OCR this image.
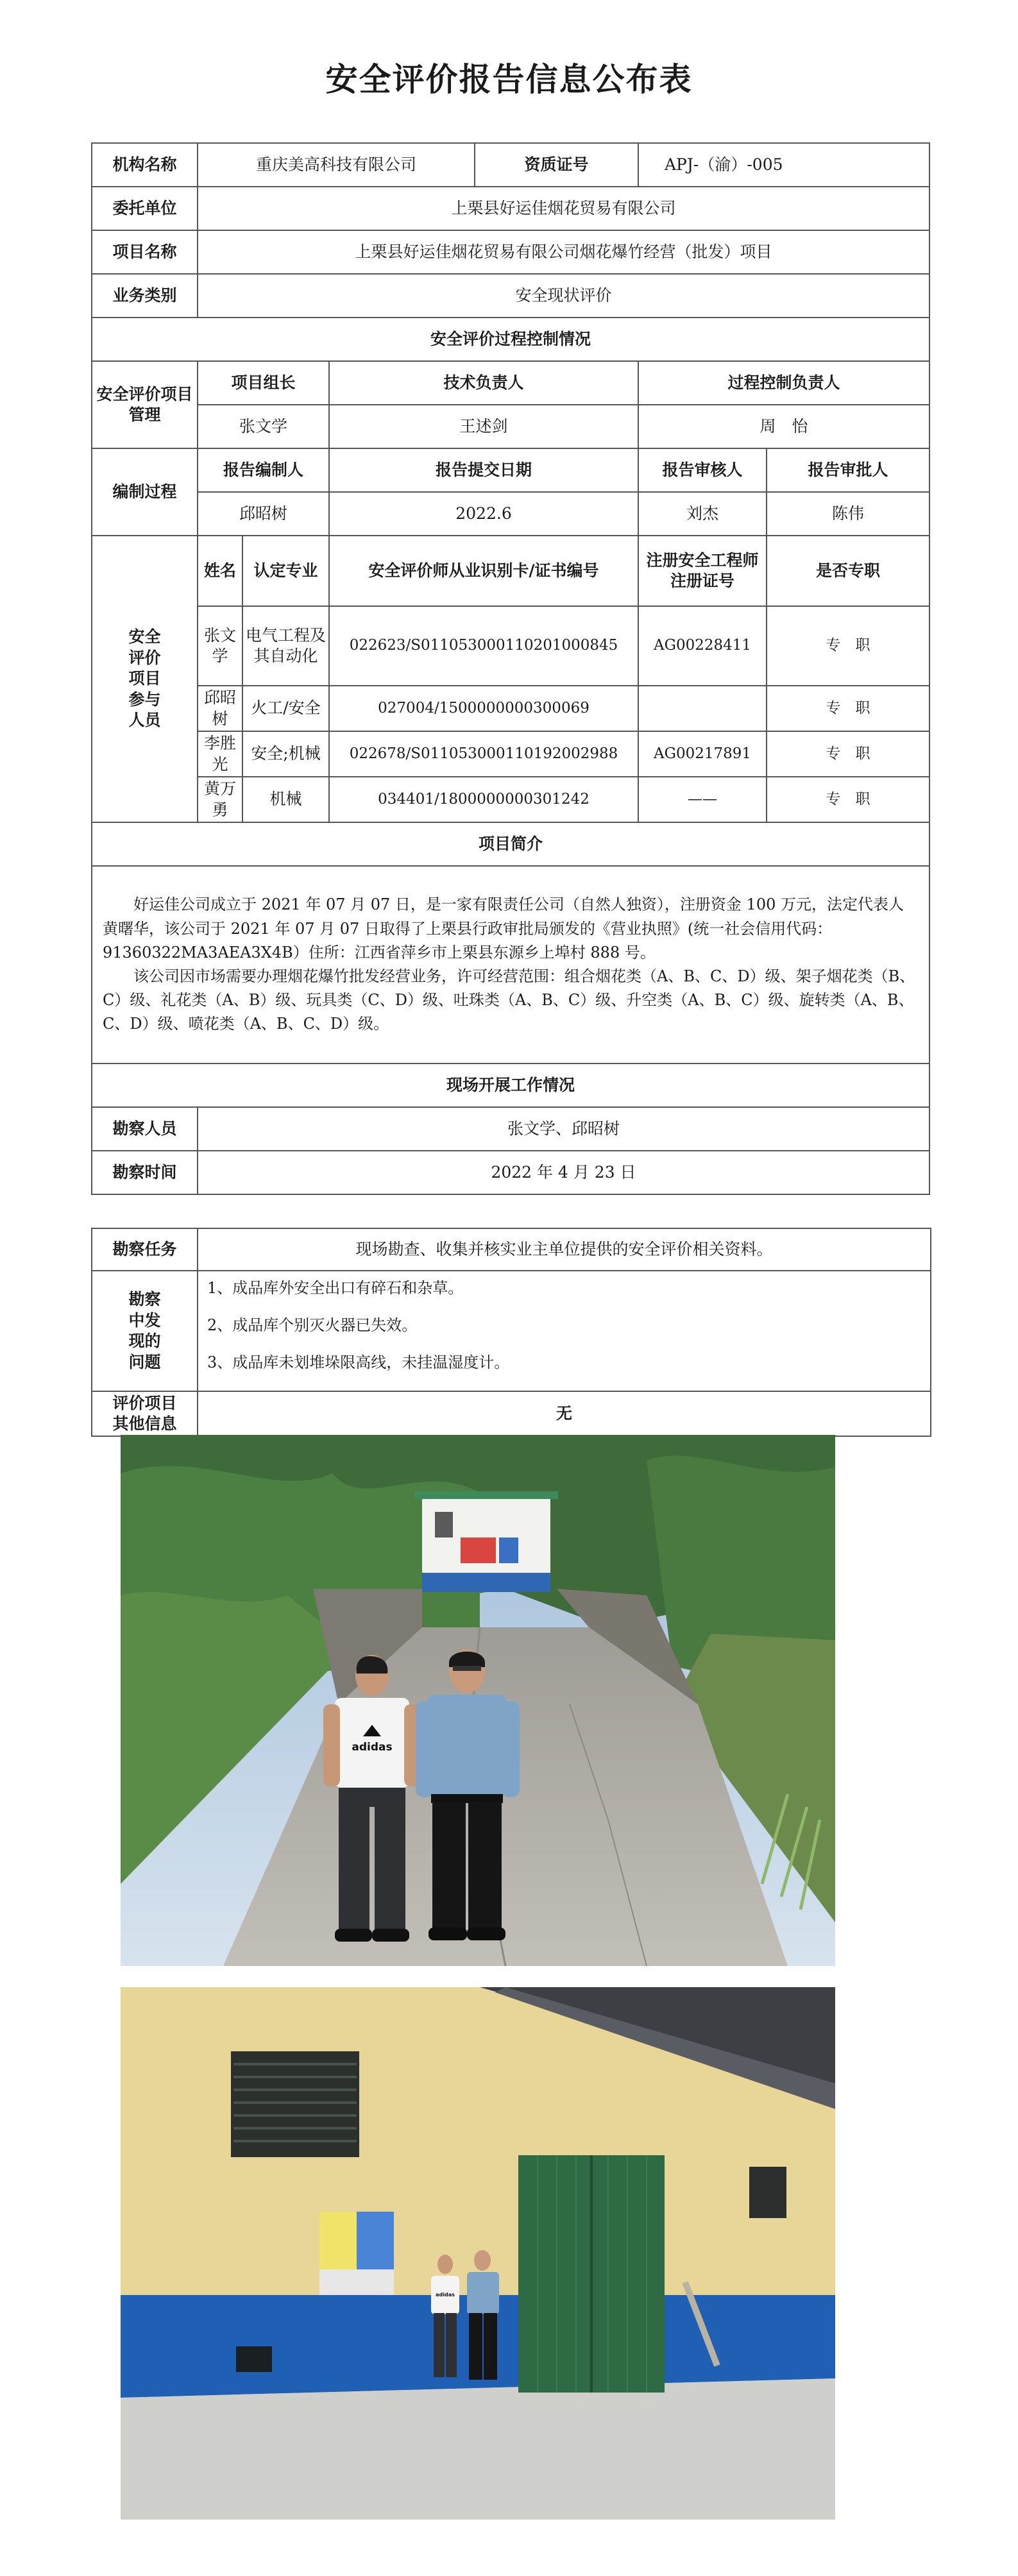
安全评价报告信息公布表
机构名称	重庆美高科技有限公司			资质证号	APJ-（渝）-005	
委托单位	上栗县好运佳烟花贸易有限公司					
项目名称	上栗县好运佳烟花贸易有限公司烟花爆竹经营（批发）项目					
业务类别	安全现状评价					
安全评价过程控制情况						
安全评价项目管理	项目组长		技术负责人		过程控制负责人	
	张文学		王述剑		周　怡	
编制过程	报告编制人		报告提交日期		报告审核人	报告审批人
	邱昭树		2022.6		刘杰	陈伟
安全评价项目参与人员	姓名	认定专业	安全评价师从业识别卡/证书编号		注册安全工程师注册证号	是否专职
	张文学	电气工程及其自动化	022623/S011053000110201000845		AG00228411	专　职
	邱昭树	火工/安全	027004/1500000000300069			专　职
	李胜光	安全;机械	022678/S011053000110192002988		AG00217891	专　职
	黄万勇	机械	034401/1800000000301242		——	专　职
项目简介						

好运佳公司成立于 2021 年 07 月 07 日，是一家有限责任公司（自然人独资），注册资金 100 万元，法定代表人黄曙华，该公司于 2021 年 07 月 07 日取得了上栗县行政审批局颁发的《营业执照》(统一社会信用代码：91360322MA3AEA3X4B）住所：江西省萍乡市上栗县东源乡上埠村 888 号。

该公司因市场需要办理烟花爆竹批发经营业务，许可经营范围：组合烟花类（A、B、C、D）级、架子烟花类（B、C）级、礼花类（A、B）级、玩具类（C、D）级、吐珠类（A、B、C）级、升空类（A、B、C）级、旋转类（A、B、C、D）级、喷花类（A、B、C、D）级。						

现场开展工作情况						
勘察人员	张文学、邱昭树					
勘察时间	2022 年 4 月 23 日					
勘察任务	现场勘查、收集并核实业主单位提供的安全评价相关资料。
勘察中发现的问题	1、成品库外安全出口有碎石和杂草。
2、成品库个别灭火器已失效。
3、成品库未划堆垛限高线，未挂温湿度计。

评价项目其他信息	无
adidas
adidas
